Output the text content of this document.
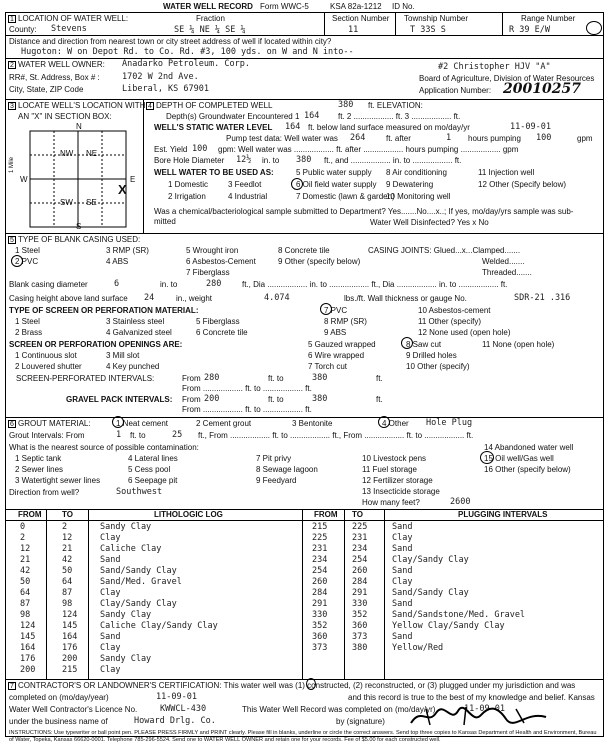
WATER WELL RECORD Form WWC-5	KSA 82a-1212 ID No.
1 LOCATION OF WATER WELL:
County: Stevens
Fraction
SE ¼ NE ¼ SE ¼
Section Number
11
Township Number
T 33S S
Range Number
R 39 E/W
Distance and direction from nearest town or city street address of well if located within city?
Hugoton: W on Depot Rd. to Co. Rd. #3, 100 yds. on W and N into--
2 WATER WELL OWNER: Anadarko Petroleum. Corp.
RR#, St. Address, Box # :	1702 W 2nd Ave.
City, State, ZIP Code	Liberal, KS 67901
#2 Christopher HJV "A"
Board of Agriculture, Division of Water Resources
Application Number: 20010257
3 LOCATE WELL'S LOCATION WITH
AN "X" IN SECTION BOX:
N
S
W	E
NW NE
SW SE
X
1 Mile
4 DEPTH OF COMPLETED WELL	380 ft. ELEVATION:
Depth(s) Groundwater Encountered 1 164 ft. 2 .................. ft. 3 .................. ft.
WELL'S STATIC WATER LEVEL 164 ft. below land surface measured on mo/day/yr	11-09-01
Pump test data: Well water was 264	ft. after	1 hours pumping 100	gpm
Est. Yield 100 gpm: Well water was .................. ft. after .................. hours pumping .................. gpm
Bore Hole Diameter 12½ in. to 380 ft., and .................. in. to .................. ft.
WELL WATER TO BE USED AS:	5 Public water supply 8 Air conditioning	11 Injection well
1 Domestic 3 Feedlot	6 Oil field water supply 9 Dewatering	12 Other (Specify below)
2 Irrigation	4 Industrial	7 Domestic (lawn & garden)
10 Monitoring well
Was a chemical/bacteriological sample submitted to Department? Yes.......No....x..; If yes, mo/day/yrs sample was sub-
mitted	Water Well Disinfected? Yes x No
5 TYPE OF BLANK CASING USED:
1 Steel	3 RMP (SR)	5 Wrought iron	8 Concrete tile	CASING JOINTS: Glued...x...Clamped.......
2 PVC	4 ABS	6 Asbestos-Cement	9 Other (specify below)	Welded.......
7 Fiberglass	Threaded.......
Blank casing diameter	6	in. to	280	ft., Dia .................. in. to .................. ft., Dia .................. in. to .................. ft.
Casing height above land surface 24	in., weight	4.074	lbs./ft. Wall thickness or gauge No.	SDR-21 .316
TYPE OF SCREEN OR PERFORATION MATERIAL:
1 Steel	3 Stainless steel	5 Fiberglass
7 PVC	10 Asbestos-cement
2 Brass	4 Galvanized steel	6 Concrete tile
8 RMP (SR)	11 Other (specify)
9 ABS	12 None used (open hole)
SCREEN OR PERFORATION OPENINGS ARE:	5 Gauzed wrapped	8 Saw cut	11 None (open hole)
1 Continuous slot	3 Mill slot	6 Wire wrapped	9 Drilled holes
2 Louvered shutter	4 Key punched	7 Torch cut	10 Other (specify)
SCREEN-PERFORATED INTERVALS:	From 280	ft. to	380	ft.
From .................. ft. to .................. ft.
GRAVEL PACK INTERVALS: From 200	ft. to	380	ft.
From .................. ft. to .................. ft.
6 GROUT MATERIAL:	1 Neat cement	2 Cement grout	3 Bentonite	4 Other Hole Plug
Grout Intervals: From	1 ft. to	25 ft., From .................. ft. to .................. ft., From .................. ft. to .................. ft.
What is the nearest source of possible contamination:	14 Abandoned water well
1 Septic tank	4 Lateral lines	7 Pit privy	10 Livestock pens
2 Sewer lines	5 Cess pool	8 Sewage lagoon	11 Fuel storage
15 Oil well/Gas well
3 Watertight sewer lines	6 Seepage pit	9 Feedyard	12 Fertilizer storage
16 Other (specify below)
13 Insecticide storage
Direction from well?	Southwest
How many feet?	2600
FROM	TO	LITHOLOGIC LOG	FROM TO	PLUGGING INTERVALS
0	2	Sandy Clay
2	12	Clay
12	21	Caliche Clay
21	42	Sand
42	50	Sand/Sandy Clay
50	64	Sand/Med. Gravel
64	87	Clay
87	98	Clay/Sandy Clay
98	124	Sandy Clay
124	145	Caliche Clay/Sandy Clay
145	164	Sand
164	176	Clay
176	200	Sandy Clay
200	215	Clay
215	225	Sand
225	231	Clay
231	234	Sand
234	254	Clay/Sandy Clay
254	260	Sand
260	284	Clay
284	291	Sand/Sandy Clay
291	330	Sand
330	352	Sand/Sandstone/Med. Gravel
352	360	Yellow Clay/Sandy Clay
360	373	Sand
373	380	Yellow/Red
7 CONTRACTOR'S OR LANDOWNER'S CERTIFICATION: This water well was (1) constructed, (2) reconstructed, or (3) plugged under my jurisdiction and was
completed on (mo/day/year)	11-09-01	and this record is true to the best of my knowledge and belief. Kansas
Water Well Contractor's Licence No.	KWWCL-430	This Water Well Record was completed on (mo/day/yr)	11-09-01
under the business name of	Howard Drlg. Co.	by (signature)
INSTRUCTIONS: Use typewriter or ball point pen. PLEASE PRESS FIRMLY and PRINT clearly. Please fill in blanks, underline or circle the correct answers. Send top three copies to Kansas Department of Health and Environment, Bureau of Water, Topeka, Kansas 66620-0001. Telephone 785-296-5524. Send one to WATER WELL OWNER and retain one for your records. Fee of $5.00 for each constructed well.
